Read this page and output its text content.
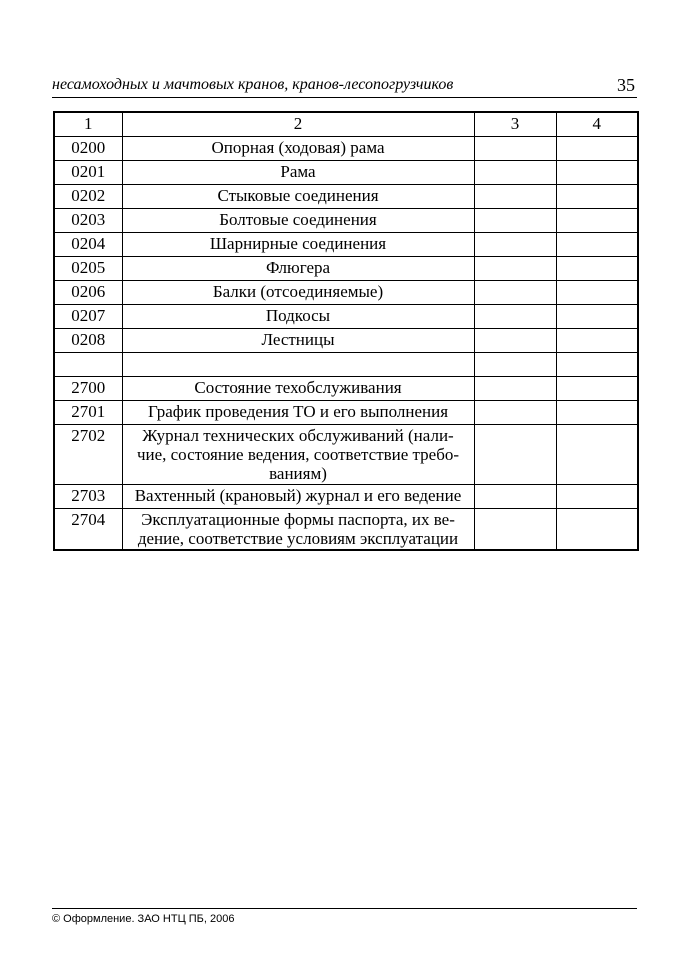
несамоходных и мачтовых кранов, кранов-лесопогрузчиков	35
1	2	3	4
0200	Опорная (ходовая) рама		
0201	Рама		
0202	Стыковые соединения		
0203	Болтовые соединения		
0204	Шарнирные соединения		
0205	Флюгера		
0206	Балки (отсоединяемые)		
0207	Подкосы		
0208	Лестницы		

2700	Состояние техобслуживания		
2701	График проведения ТО и его выполнения		
2702	Журнал технических обслуживаний (нали-
чие, состояние ведения, соответствие требо-
ваниям)		

2703	Вахтенный (крановый) журнал и его ведение		
2704	Эксплуатационные формы паспорта, их ве-
дение, соответствие условиям эксплуатации		

© Оформление. ЗАО НТЦ ПБ, 2006
